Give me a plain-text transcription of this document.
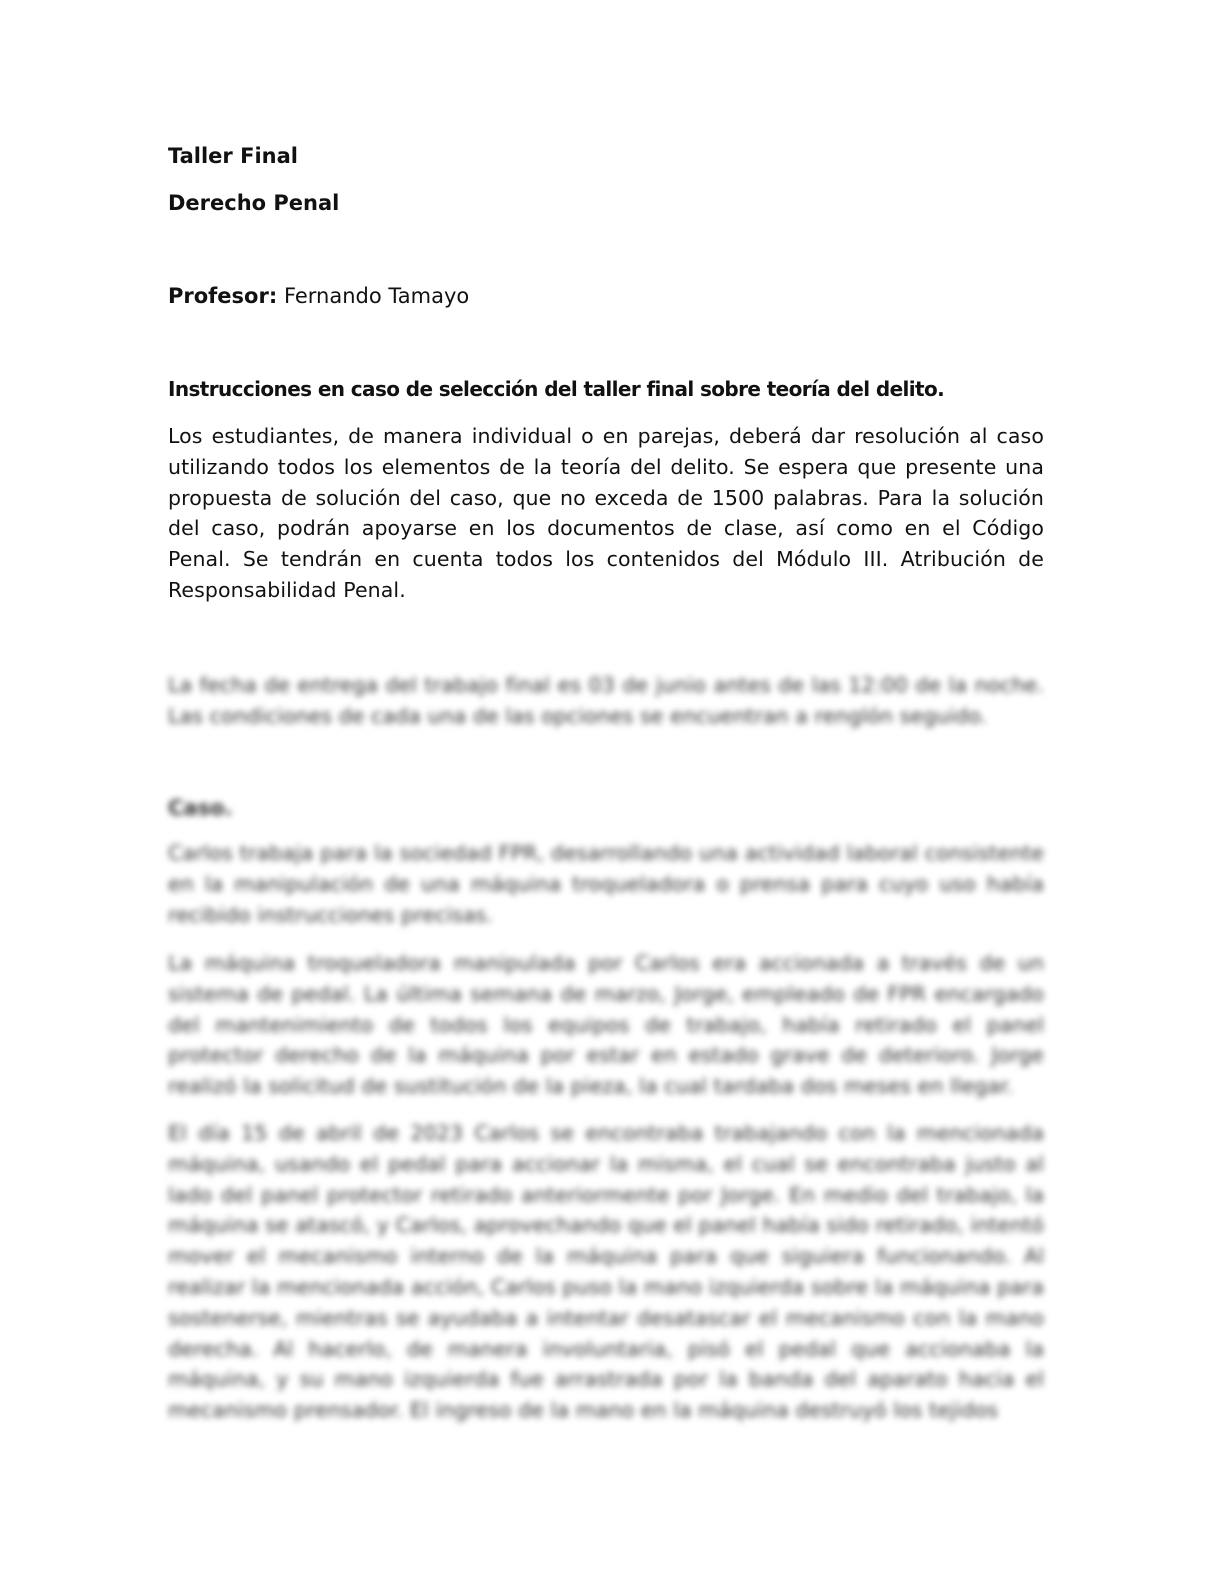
Taller Final
Derecho Penal
Profesor: Fernando Tamayo
Instrucciones en caso de selección del taller final sobre teoría del delito.
Los estudiantes, de manera individual o en parejas, deberá dar resolución al caso utilizando todos los elementos de la teoría del delito. Se espera que presente una propuesta de solución del caso, que no exceda de 1500 palabras. Para la solución del caso, podrán apoyarse en los documentos de clase, así como en el Código Penal. Se tendrán en cuenta todos los contenidos del Módulo III. Atribución de Responsabilidad Penal.
La fecha de entrega del trabajo final es 03 de junio antes de las 12:00 de la noche. Las condiciones de cada una de las opciones se encuentran a renglón seguido.
Caso.
Carlos trabaja para la sociedad FPR, desarrollando una actividad laboral consistente en la manipulación de una máquina troqueladora o prensa para cuyo uso había recibido instrucciones precisas.
La máquina troqueladora manipulada por Carlos era accionada a través de un sistema de pedal. La última semana de marzo, Jorge, empleado de FPR encargado del mantenimiento de todos los equipos de trabajo, había retirado el panel protector derecho de la máquina por estar en estado grave de deterioro. Jorge realizó la solicitud de sustitución de la pieza, la cual tardaba dos meses en llegar.
El día 15 de abril de 2023 Carlos se encontraba trabajando con la mencionada máquina, usando el pedal para accionar la misma, el cual se encontraba justo al lado del panel protector retirado anteriormente por Jorge. En medio del trabajo, la máquina se atascó, y Carlos, aprovechando que el panel había sido retirado, intentó mover el mecanismo interno de la máquina para que siguiera funcionando. Al realizar la mencionada acción, Carlos puso la mano izquierda sobre la máquina para sostenerse, mientras se ayudaba a intentar desatascar el mecanismo con la mano derecha. Al hacerlo, de manera involuntaria, pisó el pedal que accionaba la máquina, y su mano izquierda fue arrastrada por la banda del aparato hacia el mecanismo prensador. El ingreso de la mano en la máquina destruyó los tejidos
